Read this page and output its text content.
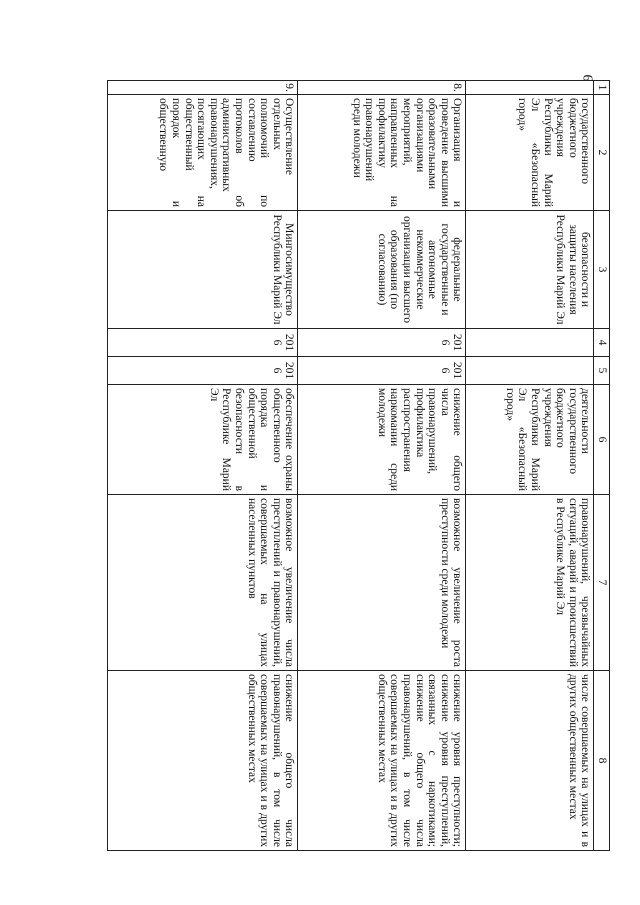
9
1	2	3	4	5	6	7	8
	государственного бюджетного учреждения Республики Марий Эл «Безопасный город»	безопасности и защиты населения Республики Марий Эл			деятельности государственного бюджетного учреждения Республики Марий Эл «Безопасный город»	правонарушений, чрезвычайных ситуаций, аварий и происшествий в Республике Марий Эл	числе совершаемых на улицах и в других общественных местах
8.	Организация и проведение высшими образовательными организациями мероприятий, направленных на профилактику правонарушений среди молодежи	федеральные государственные и автономные некоммерческие организации высшего образования (по согласованию)	2016	2016	снижение общего числа правонарушений, профилактика распространения наркомании среди молодежи	возможное увеличение роста преступности среди молодежи	снижение уровня преступности; снижение уровня преступлений, связанных с наркотиками; снижение общего числа правонарушений, в том числе совершаемых на улицах и в других общественных местах
9.	Осуществление отдельных полномочий по составлению протоколов об административных правонарушениях, посягающих на общественный порядок и общественную	Мингосимущество Республики Марий Эл	2016	2016	обеспечение охраны общественного порядка и общественной безопасности в Республике Марий Эл	возможное увеличение числа преступлений и правонарушений, совершаемых на улицах населенных пунктов	снижение общего числа правонарушений, в том числе совершаемых на улицах и в других общественных местах
